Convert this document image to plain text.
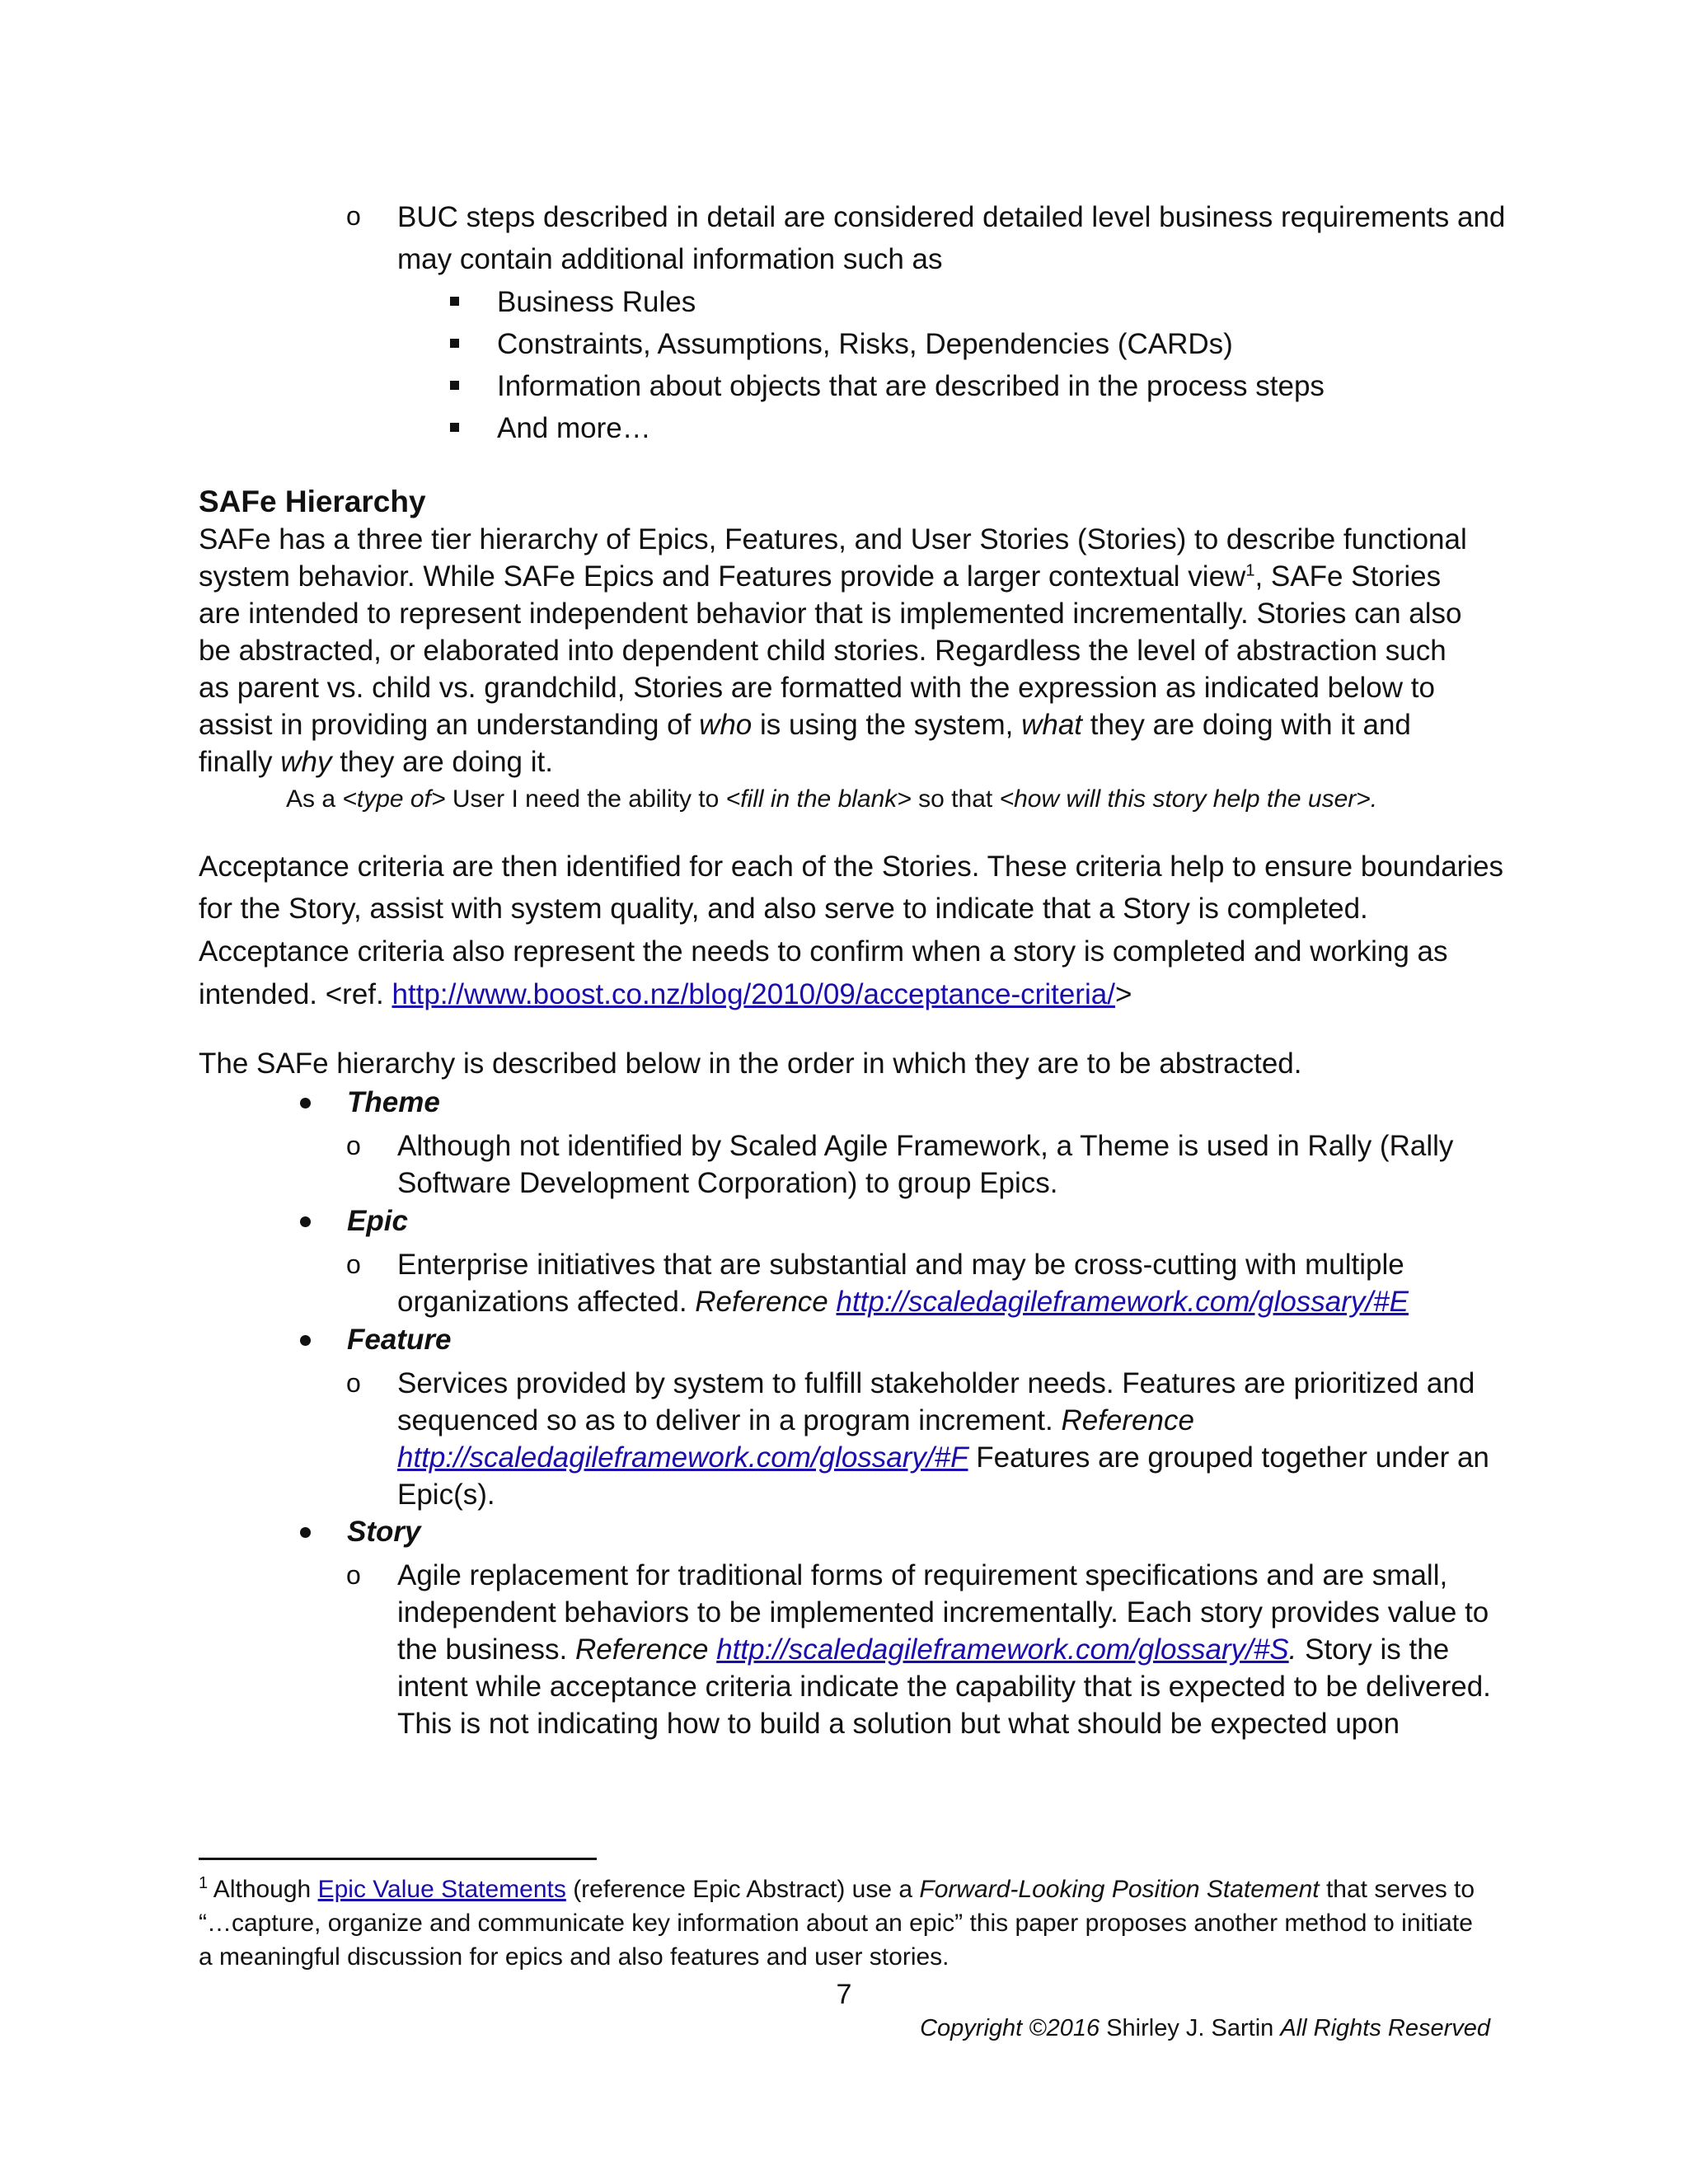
o BUC steps described in detail are considered detailed level business requirements and
may contain additional information such as
Business Rules
Constraints, Assumptions, Risks, Dependencies (CARDs)
Information about objects that are described in the process steps
And more…
SAFe Hierarchy
SAFe has a three tier hierarchy of Epics, Features, and User Stories (Stories) to describe functional system behavior. While SAFe Epics and Features provide a larger contextual view$^1$, SAFe Stories are intended to represent independent behavior that is implemented incrementally. Stories can also be abstracted, or elaborated into dependent child stories. Regardless the level of abstraction such as parent vs. child vs. grandchild, Stories are formatted with the expression as indicated below to assist in providing an understanding of who is using the system, what they are doing with it and finally why they are doing it.
As a <type of> User I need the ability to <fill in the blank> so that <how will this story help the user>.
Acceptance criteria are then identified for each of the Stories. These criteria help to ensure boundaries
for the Story, assist with system quality, and also serve to indicate that a Story is completed.
Acceptance criteria also represent the needs to confirm when a story is completed and working as
intended. <ref. http://www.boost.co.nz/blog/2010/09/acceptance-criteria/>
The SAFe hierarchy is described below in the order in which they are to be abstracted.
Theme
o Although not identified by Scaled Agile Framework, a Theme is used in Rally (Rally Software Development Corporation) to group Epics.
Epic
o Enterprise initiatives that are substantial and may be cross-cutting with multiple organizations affected. Reference http://scaledagileframework.com/glossary/#E
Feature
o Services provided by system to fulfill stakeholder needs. Features are prioritized and sequenced so as to deliver in a program increment. Reference http://scaledagileframework.com/glossary/#F Features are grouped together under an Epic(s).
Story
o Agile replacement for traditional forms of requirement specifications and are small, independent behaviors to be implemented incrementally. Each story provides value to the business. Reference http://scaledagileframework.com/glossary/#S. Story is the intent while acceptance criteria indicate the capability that is expected to be delivered. This is not indicating how to build a solution but what should be expected upon
$^1$ Although Epic Value Statements (reference Epic Abstract) use a Forward-Looking Position Statement that serves to “…capture, organize and communicate key information about an epic” this paper proposes another method to initiate a meaningful discussion for epics and also features and user stories.
7
Copyright ©2016 Shirley J. Sartin All Rights Reserved
